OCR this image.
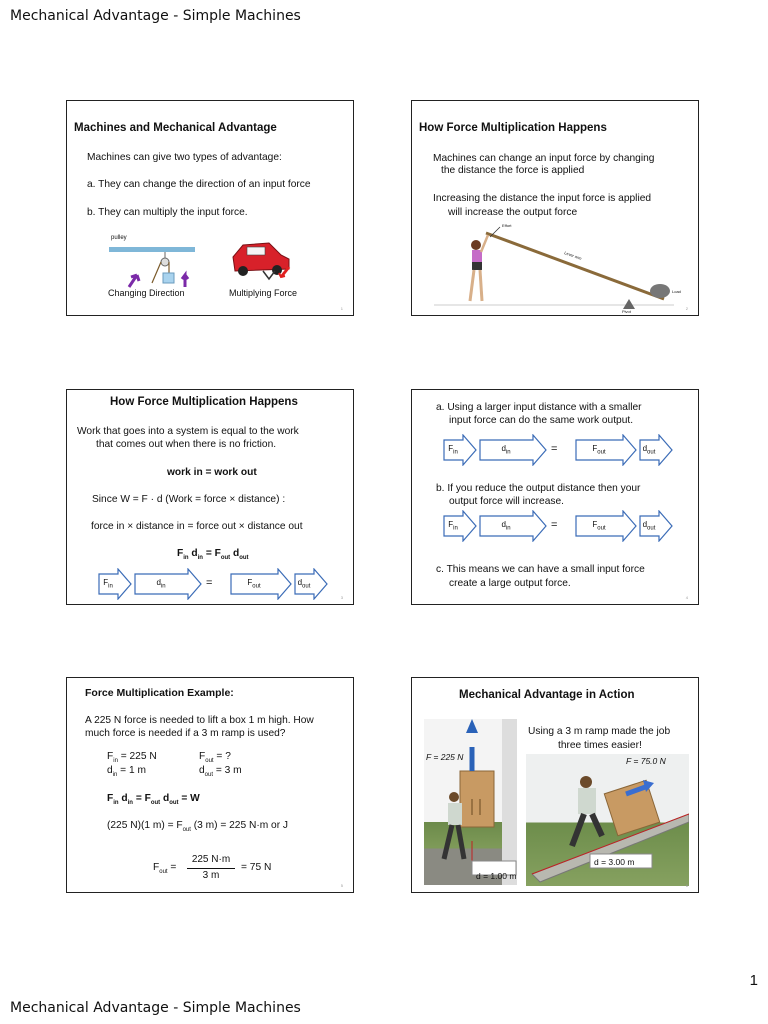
Mechanical Advantage - Simple Machines
Machines and Mechanical Advantage
Machines can give two types of advantage:
a. They can change the direction of an input force
b. They can multiply the input force.
pulley
Changing Direction	Multiplying Force
1
How Force Multiplication Happens
Machines can change an input force by changing
the distance the force is applied
Increasing the distance the input force is applied
will increase the output force
Effort
Lever arm
Load
Pivot
2
How Force Multiplication Happens
Work that goes into a system is equal to the work
that comes out when there is no friction.
work in = work out
Since W = F · d (Work = force × distance) :
force in × distance in = force out × distance out
$F_{in}$ $d_{in} = F_{out}$ $d_{out}$
$F_{in}$	$d_{in}$	=	$F_{out}$	$d_{out}$
3
a. Using a larger input distance with a smaller
input force can do the same work output.
$F_{in}$	$d_{in}$	=	$F_{out}$	$d_{out}$
b. If you reduce the output distance then your
output force will increase.
$F_{in}$	$d_{in}$	=	$F_{out}$	$d_{out}$
c. This means we can have a small input force
create a large output force.
4
Force Multiplication Example:
A 225 N force is needed to lift a box 1 m high. How
much force is needed if a 3 m ramp is used?
$F_{in} = 225$ N	$F_{out}$ = ?
$d_{in} = 1$ m	$d_{out} = 3$ m
$F_{in}$ $d_{in} = F_{out}$ $d_{out} = W$
(225 N)(1 $m) = F_{out}$ (3 m) = 225 N·m or J
$F_{out}$ =
225 N·m
3 m
= 75 N
5
Mechanical Advantage in Action
Using a 3 m ramp made the job
three times easier!
F = 225 N
d = 1.00 m
F = 75.0 N
d = 3.00 m
6
1
Mechanical Advantage - Simple Machines
